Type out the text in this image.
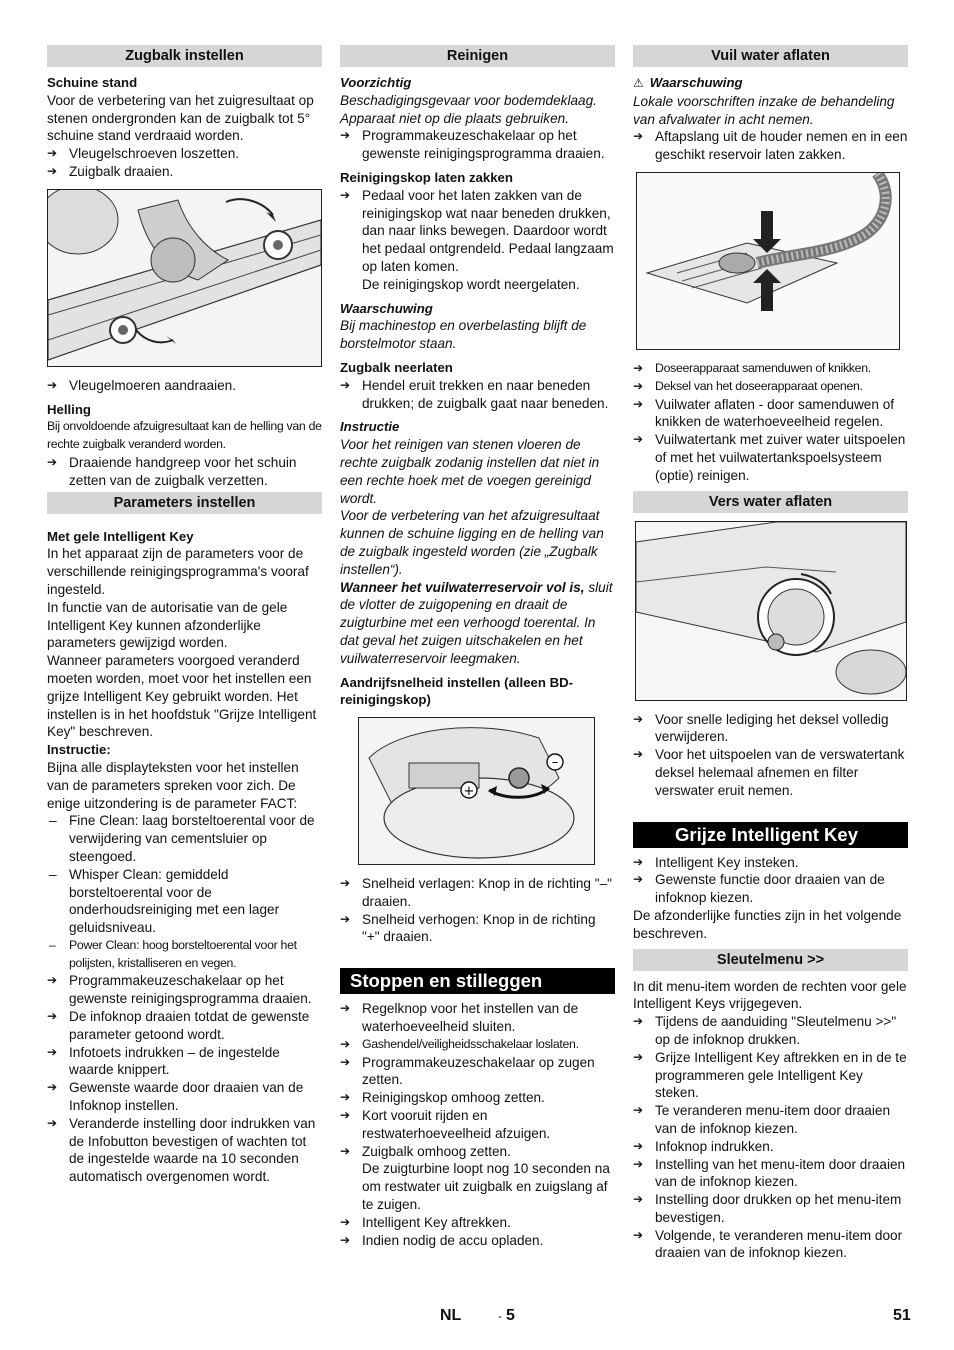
Zugbalk instellen
Schuine stand

Voor de verbetering van het zuigresultaat op stenen ondergronden kan de zuigbalk tot 5° schuine stand verdraaid worden.

➔ Vleugelschroeven loszetten.
➔ Zuigbalk draaien.
➔ Vleugelmoeren aandraaien.
Helling

Bij onvoldoende afzuigresultaat kan de helling van de rechte zuigbalk veranderd worden.

➔ Draaiende handgreep voor het schuin zetten van de zuigbalk verzetten.
Parameters instellen
Met gele Intelligent Key

In het apparaat zijn de parameters voor de verschillende reinigingsprogramma's vooraf ingesteld.

In functie van de autorisatie van de gele Intelligent Key kunnen afzonderlijke parameters gewijzigd worden.

Wanneer parameters voorgoed veranderd moeten worden, moet voor het instellen een grijze Intelligent Key gebruikt worden. Het instellen is in het hoofdstuk "Grijze Intelligent Key" beschreven.

Instructie:

Bijna alle displayteksten voor het instellen van de parameters spreken voor zich. De enige uitzondering is de parameter FACT:

– Fine Clean: laag borsteltoerental voor de verwijdering van cementsluier op steengoed.
– Whisper Clean: gemiddeld borsteltoerental voor de onderhoudsreiniging met een lager geluidsniveau.
– Power Clean: hoog borsteltoerental voor het polijsten, kristalliseren en vegen.
➔ Programmakeuzeschakelaar op het gewenste reinigingsprogramma draaien.
➔ De infoknop draaien totdat de gewenste parameter getoond wordt.
➔ Infotoets indrukken – de ingestelde waarde knippert.
➔ Gewenste waarde door draaien van de Infoknop instellen.
➔ Veranderde instelling door indrukken van de Infobutton bevestigen of wachten tot de ingestelde waarde na 10 seconden automatisch overgenomen wordt.
Reinigen
Voorzichtig

Beschadigingsgevaar voor bodemdeklaag. Apparaat niet op die plaats gebruiken.

➔ Programmakeuzeschakelaar op het gewenste reinigingsprogramma draaien.
Reinigingskop laten zakken
➔ Pedaal voor het laten zakken van de reinigingskop wat naar beneden drukken, dan naar links bewegen. Daardoor wordt het pedaal ontgrendeld. Pedaal langzaam op laten komen.
De reinigingskop wordt neergelaten.
Waarschuwing

Bij machinestop en overbelasting blijft de borstelmotor staan.

Zugbalk neerlaten
➔ Hendel eruit trekken en naar beneden drukken; de zuigbalk gaat naar beneden.
Instructie

Voor het reinigen van stenen vloeren de rechte zuigbalk zodanig instellen dat niet in een rechte hoek met de voegen gereinigd wordt.

Voor de verbetering van het afzuigresultaat kunnen de schuine ligging en de helling van de zuigbalk ingesteld worden (zie „Zugbalk instellen“).

Wanneer het vuilwaterreservoir vol is, sluit de vlotter de zuigopening en draait de zuigturbine met een verhoogd toerental. In dat geval het zuigen uitschakelen en het vuilwaterreservoir leegmaken.

Aandrijfsnelheid instellen (alleen BD-reinigingskop)
+
–
➔ Snelheid verlagen: Knop in de richting "–" draaien.
➔ Snelheid verhogen: Knop in de richting "+" draaien.
Stoppen en stilleggen
➔ Regelknop voor het instellen van de waterhoeveelheid sluiten.
➔ Gashendel/veiligheidsschakelaar loslaten.
➔ Programmakeuzeschakelaar op zugen zetten.
➔ Reinigingskop omhoog zetten.
➔ Kort vooruit rijden en restwaterhoeveelheid afzuigen.
➔ Zuigbalk omhoog zetten.
De zuigturbine loopt nog 10 seconden na om restwater uit zuigbalk en zuigslang af te zuigen.
➔ Intelligent Key aftrekken.
➔ Indien nodig de accu opladen.
Vuil water aflaten
⚠ Waarschuwing

Lokale voorschriften inzake de behandeling van afvalwater in acht nemen.

➔ Aftapslang uit de houder nemen en in een geschikt reservoir laten zakken.
➔ Doseerapparaat samenduwen of knikken.
➔ Deksel van het doseerapparaat openen.
➔ Vuilwater aflaten - door samenduwen of knikken de waterhoeveelheid regelen.
➔ Vuilwatertank met zuiver water uitspoelen of met het vuilwatertankspoelsysteem (optie) reinigen.
Vers water aflaten
➔ Voor snelle lediging het deksel volledig verwijderen.
➔ Voor het uitspoelen van de verswatertank deksel helemaal afnemen en filter verswater eruit nemen.
Grijze Intelligent Key
➔ Intelligent Key insteken.
➔ Gewenste functie door draaien van de infoknop kiezen.

De afzonderlijke functies zijn in het volgende beschreven.

Sleutelmenu >>

In dit menu-item worden de rechten voor gele Intelligent Keys vrijgegeven.

➔ Tijdens de aanduiding "Sleutelmenu >>" op de infoknop drukken.
➔ Grijze Intelligent Key aftrekken en in de te programmeren gele Intelligent Key steken.
➔ Te veranderen menu-item door draaien van de infoknop kiezen.
➔ Infoknop indrukken.
➔ Instelling van het menu-item door draaien van de infoknop kiezen.
➔ Instelling door drukken op het menu-item bevestigen.
➔ Volgende, te veranderen menu-item door draaien van de infoknop kiezen.
NL	- 5	51
